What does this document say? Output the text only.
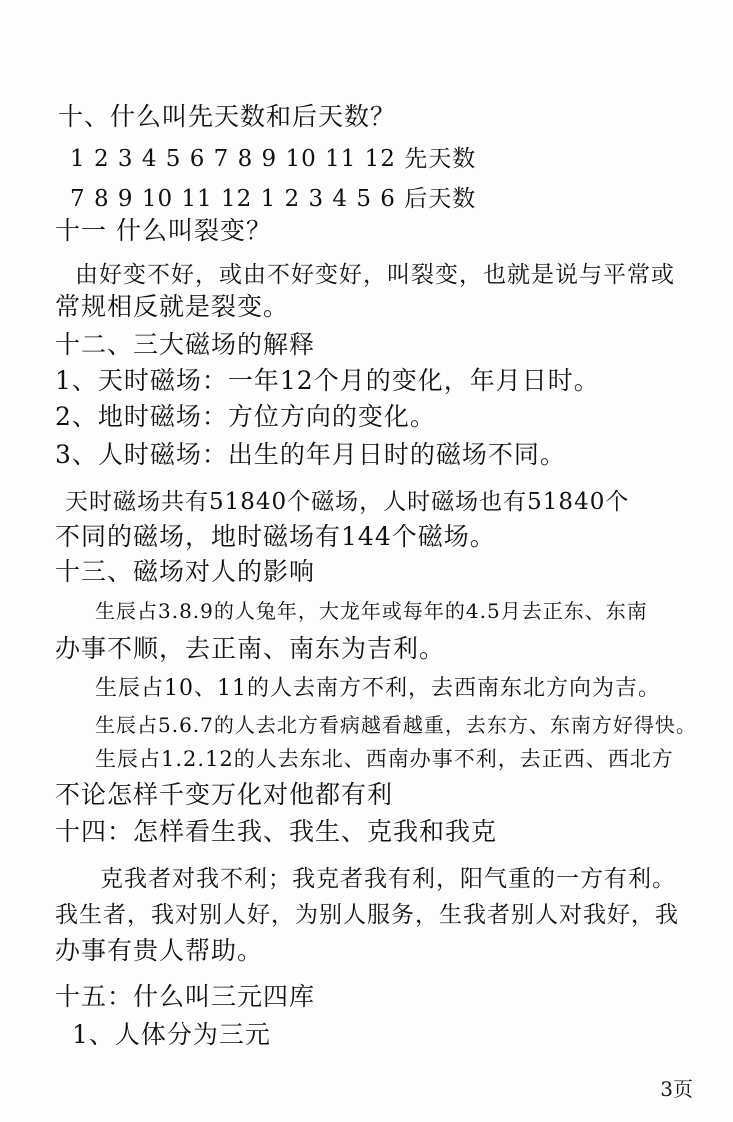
十、什么叫先天数和后天数？
1 2 3 4 5 6 7 8 9 10 11 12 先天数
7 8 9 10 11 12 1 2 3 4 5 6 后天数
十一 什么叫裂变？
由好变不好，或由不好变好，叫裂变，也就是说与平常或
常规相反就是裂变。
十二、三大磁场的解释
1、天时磁场：一年12个月的变化，年月日时。
2、地时磁场：方位方向的变化。
3、人时磁场：出生的年月日时的磁场不同。
天时磁场共有51840个磁场，人时磁场也有51840个
不同的磁场，地时磁场有144个磁场。
十三、磁场对人的影响
生辰占3.8.9的人兔年，大龙年或每年的4.5月去正东、东南
办事不顺，去正南、南东为吉利。
生辰占10、11的人去南方不利，去西南东北方向为吉。
生辰占5.6.7的人去北方看病越看越重，去东方、东南方好得快。
生辰占1.2.12的人去东北、西南办事不利，去正西、西北方
不论怎样千变万化对他都有利
十四：怎样看生我、我生、克我和我克
克我者对我不利；我克者我有利，阳气重的一方有利。
我生者，我对别人好，为别人服务，生我者别人对我好，我
办事有贵人帮助。
十五：什么叫三元四库
1、人体分为三元
3页
